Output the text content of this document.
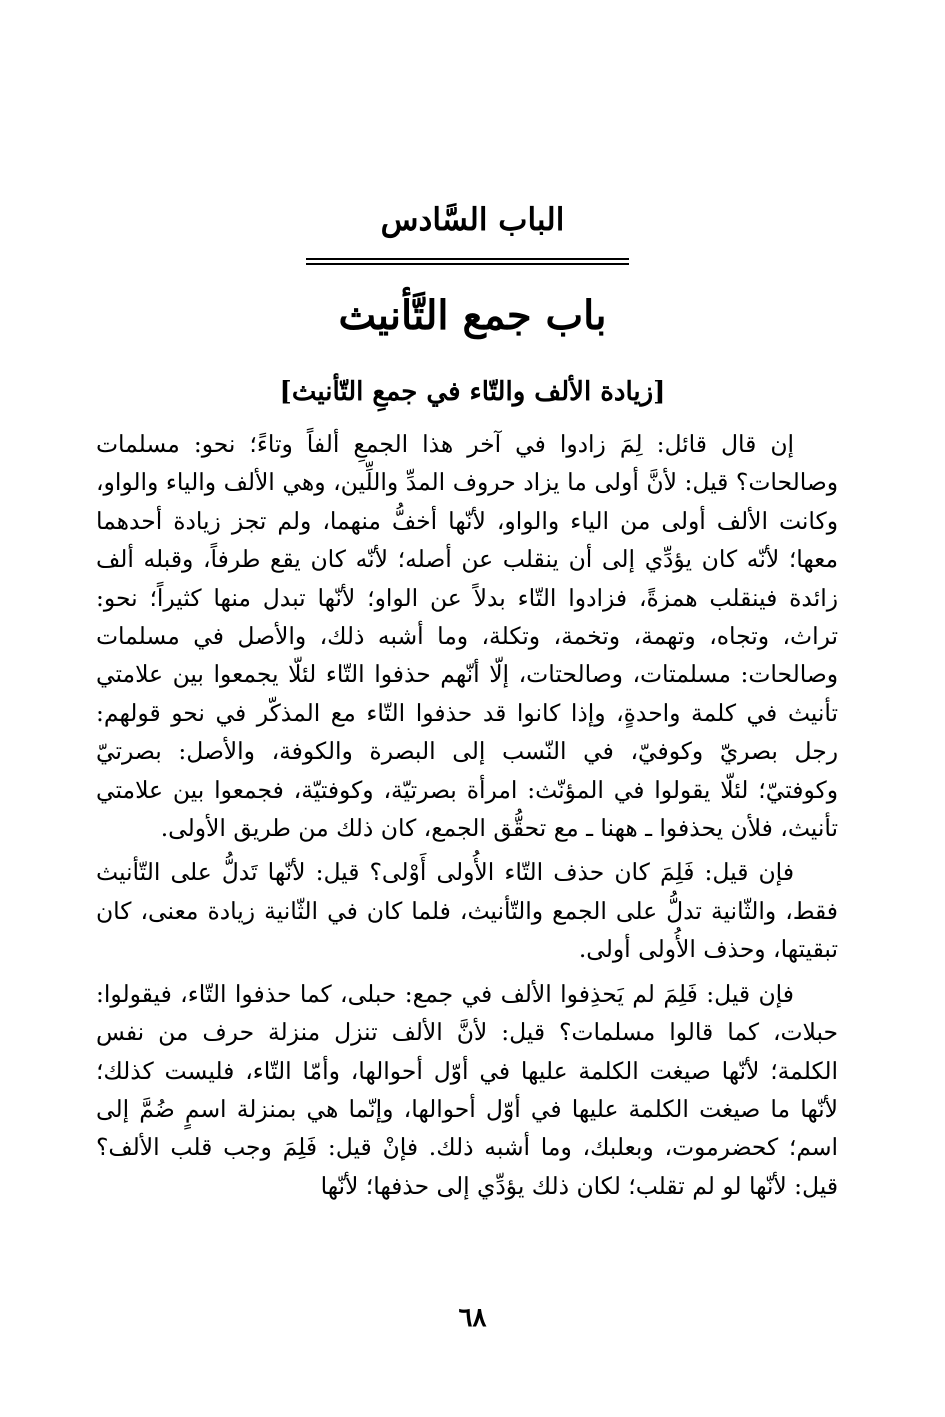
الباب السَّادس
باب جمع التَّأنيث
[زيادة الألف والتّاء في جمعِ التّأنيث]

إن قال قائل: لِمَ زادوا في آخر هذا الجمعِ ألفاً وتاءً؛ نحو: مسلمات وصالحات؟ قيل: لأنَّ أولى ما يزاد حروف المدِّ واللِّين، وهي الألف والياء والواو، وكانت الألف أولى من الياء والواو، لأنّها أخفُّ منهما، ولم تجز زيادة أحدهما معها؛ لأنّه كان يؤدِّي إلى أن ينقلب عن أصله؛ لأنّه كان يقع طرفاً، وقبله ألف زائدة فينقلب همزةً، فزادوا التّاء بدلاً عن الواو؛ لأنّها تبدل منها كثيراً؛ نحو: تراث، وتجاه، وتهمة، وتخمة، وتكلة، وما أشبه ذلك، والأصل في مسلمات وصالحات: مسلمتات، وصالحتات، إلّا أنّهم حذفوا التّاء لئلّا يجمعوا بين علامتي تأنيث في كلمة واحدةٍ، وإذا كانوا قد حذفوا التّاء مع المذكّر في نحو قولهم: رجل بصريّ وكوفيّ، في النّسب إلى البصرة والكوفة، والأصل: بصرتيّ وكوفتيّ؛ لئلّا يقولوا في المؤنّث: امرأة بصرتيّة، وكوفتيّة، فجمعوا بين علامتي تأنيث، فلأن يحذفوا ـ ههنا ـ مع تحقُّق الجمع، كان ذلك من طريق الأولى.

فإن قيل: فَلِمَ كان حذف التّاء الأُولى أَوْلى؟ قيل: لأنّها تَدلُّ على التّأنيث فقط، والثّانية تدلُّ على الجمع والتّأنيث، فلما كان في الثّانية زيادة معنى، كان تبقيتها، وحذف الأُولى أولى.

فإن قيل: فَلِمَ لم يَحذِفوا الألف في جمع: حبلى، كما حذفوا التّاء، فيقولوا: حبلات، كما قالوا مسلمات؟ قيل: لأنَّ الألف تنزل منزلة حرف من نفس الكلمة؛ لأنّها صيغت الكلمة عليها في أوّل أحوالها، وأمّا التّاء، فليست كذلك؛ لأنّها ما صيغت الكلمة عليها في أوّل أحوالها، وإنّما هي بمنزلة اسمٍ ضُمَّ إلى اسم؛ كحضرموت، وبعلبك، وما أشبه ذلك. فإنْ قيل: فَلِمَ وجب قلب الألف؟ قيل: لأنّها لو لم تقلب؛ لكان ذلك يؤدِّي إلى حذفها؛ لأنّها

٦٨
